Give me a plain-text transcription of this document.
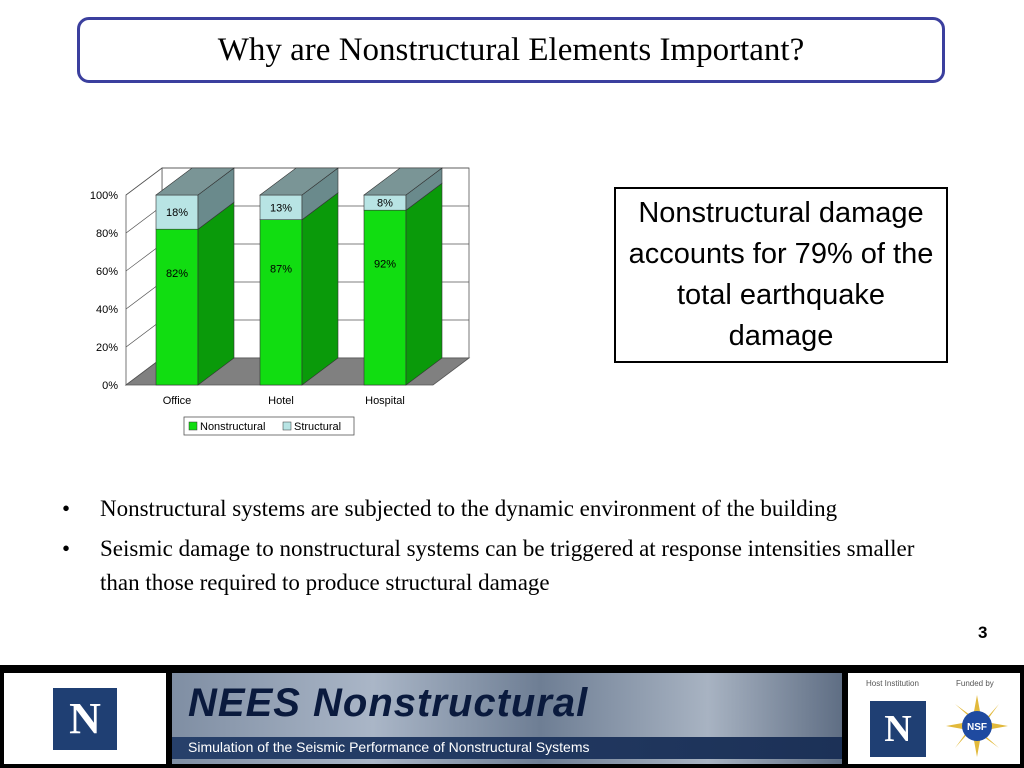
Why are Nonstructural Elements Important?
0%
20%
40%
60%
80%
100%
82%
18%
Office
87%
13%
Hotel
92%
8%
Hospital
Nonstructural	Structural
Nonstructural damage accounts for 79% of the total earthquake damage
• Nonstructural systems are subjected to the dynamic environment of the building
• Seismic damage to nonstructural systems can be triggered at response intensities smaller than those required to produce structural damage
3
N	NEES Nonstructural
Simulation of the Seismic Performance of Nonstructural Systems
Host Institution	Funded by
N	NSF
